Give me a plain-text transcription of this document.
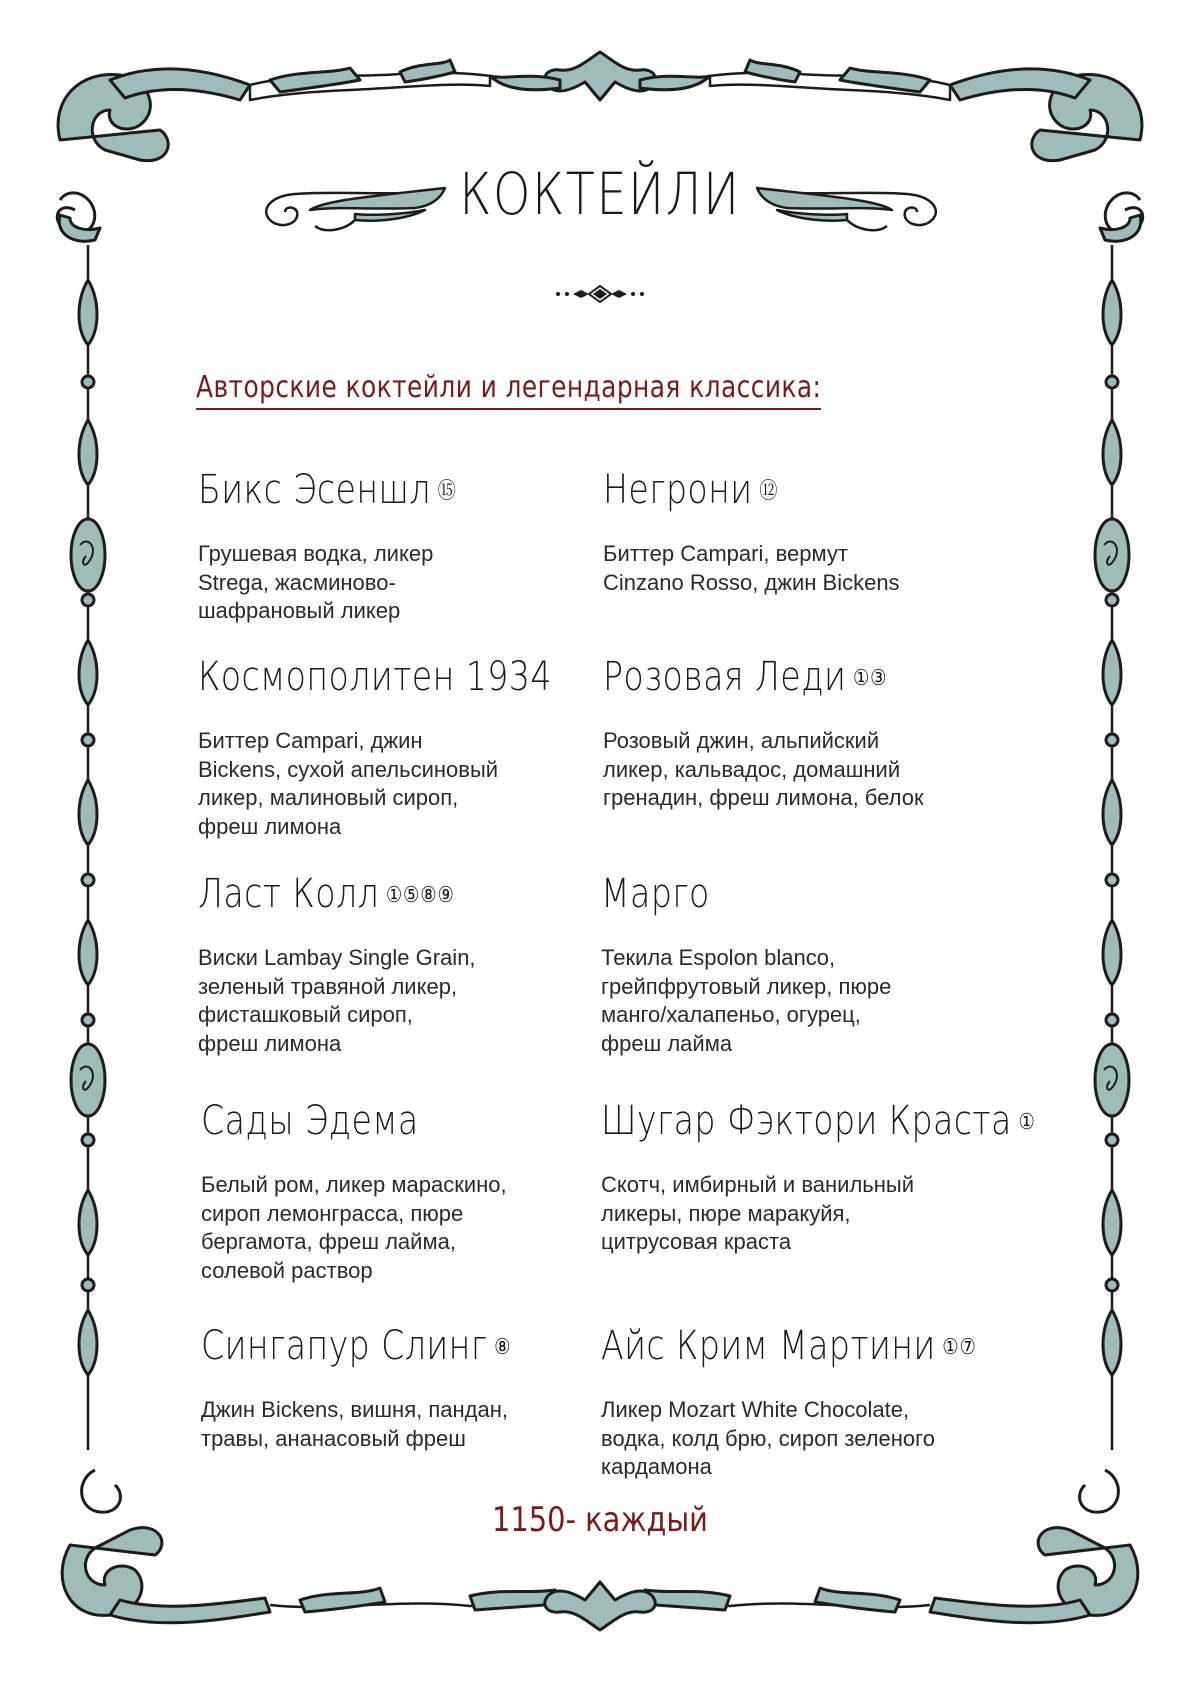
КОКТЕЙЛИ
Авторские коктейли и легендарная классика:
Бикс Эсеншл ⑮
Грушевая водка, ликер
Strega, жасминово-
шафрановый ликер
Космополитен 1934
Биттер Campari, джин
Bickens, сухой апельсиновый
ликер, малиновый сироп,
фреш лимона
Ласт Колл ①⑤⑧⑨
Виски Lambay Single Grain,
зеленый травяной ликер,
фисташковый сироп,
фреш лимона
Сады Эдема
Белый ром, ликер мараскино,
сироп лемонграсса, пюре
бергамота, фреш лайма,
солевой раствор
Сингапур Слинг ⑧
Джин Bickens, вишня, пандан,
травы, ананасовый фреш
Негрони ⑫
Биттер Campari, вермут
Cinzano Rosso, джин Bickens
Розовая Леди ①③
Розовый джин, альпийский
ликер, кальвадос, домашний
гренадин, фреш лимона, белок
Марго
Текила Espolon blanco,
грейпфрутовый ликер, пюре
манго/халапеньо, огурец,
фреш лайма
Шугар Фэктори Краста ①
Скотч, имбирный и ванильный
ликеры, пюре маракуйя,
цитрусовая краста
Айс Крим Мартини ①⑦
Ликер Mozart White Chocolate,
водка, колд брю, сироп зеленого
кардамона
1150- каждый
